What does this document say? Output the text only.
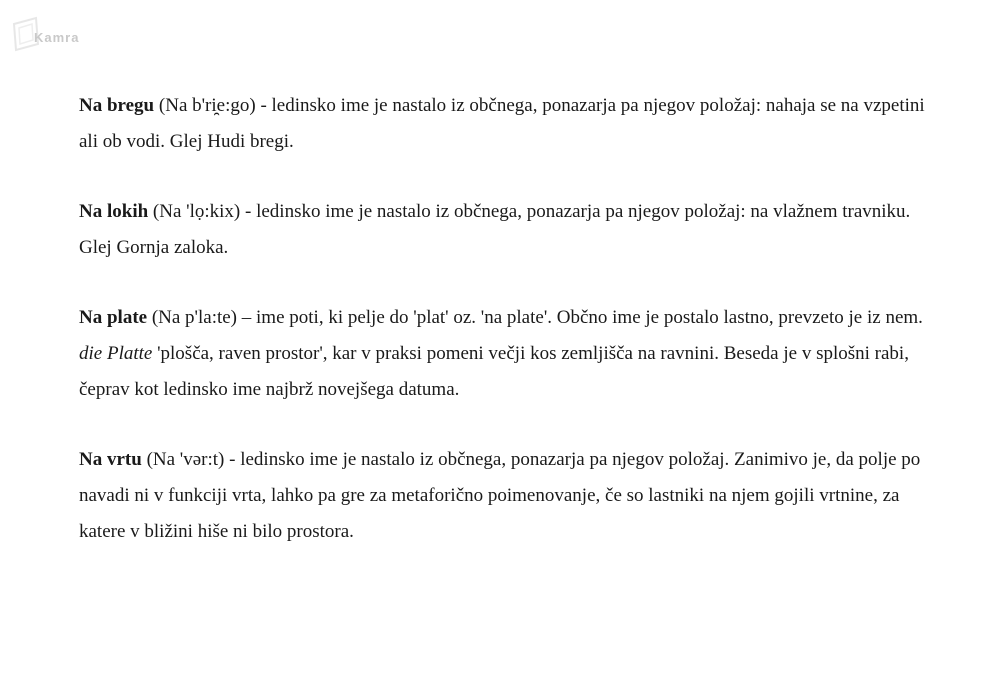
Kamra

Na bregu (Na b'ri̯e:go) - ledinsko ime je nastalo iz občnega, ponazarja pa njegov položaj: nahaja se na vzpetini ali ob vodi. Glej Hudi bregi.

Na lokih (Na 'lọ:kix) - ledinsko ime je nastalo iz občnega, ponazarja pa njegov položaj: na vlažnem travniku. Glej Gornja zaloka.

Na plate (Na p'la:te) – ime poti, ki pelje do 'plat' oz. 'na plate'. Občno ime je postalo lastno, prevzeto je iz nem. die Platte 'plošča, raven prostor', kar v praksi pomeni večji kos zemljišča na ravnini. Beseda je v splošni rabi, čeprav kot ledinsko ime najbrž novejšega datuma.

Na vrtu (Na 'vər:t) - ledinsko ime je nastalo iz občnega, ponazarja pa njegov položaj. Zanimivo je, da polje po navadi ni v funkciji vrta, lahko pa gre za metaforično poimenovanje, če so lastniki na njem gojili vrtnine, za katere v bližini hiše ni bilo prostora.
